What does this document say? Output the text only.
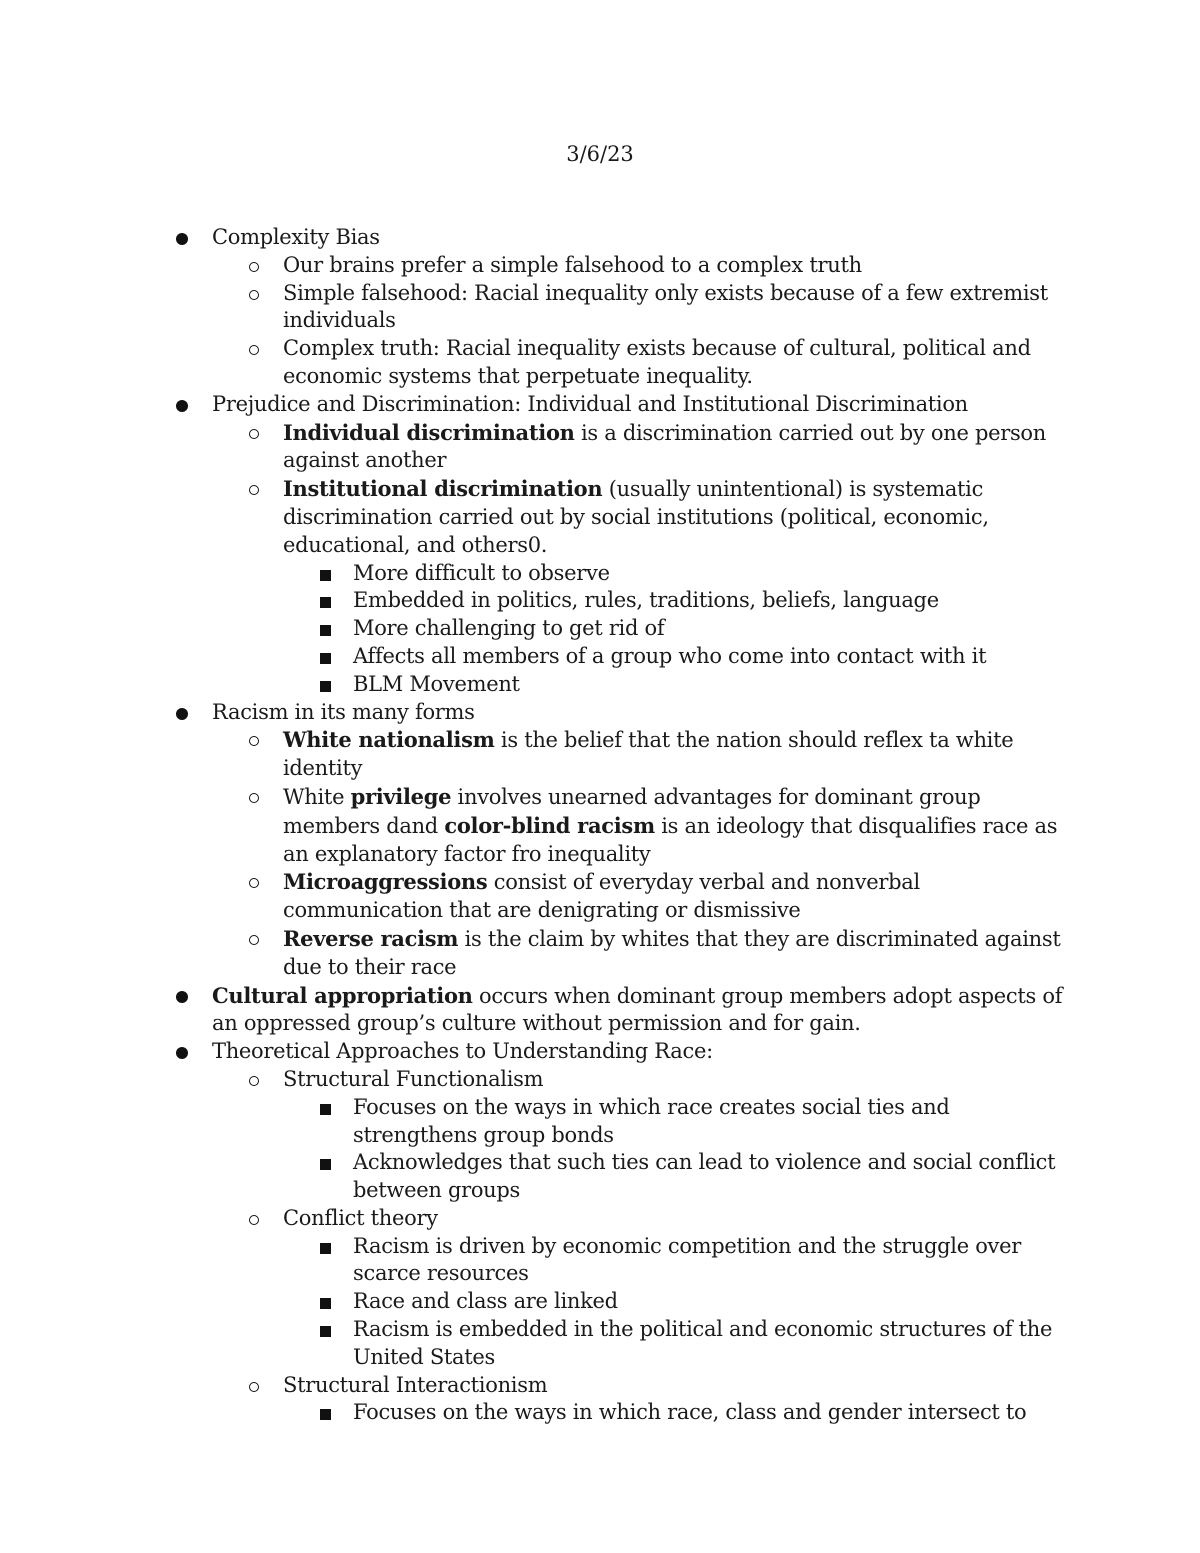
3/6/23
Complexity Bias
Our brains prefer a simple falsehood to a complex truth
Simple falsehood: Racial inequality only exists because of a few extremist individuals
Complex truth: Racial inequality exists because of cultural, political and economic systems that perpetuate inequality.
Prejudice and Discrimination: Individual and Institutional Discrimination
Individual discrimination is a discrimination carried out by one person against another
Institutional discrimination (usually unintentional) is systematic discrimination carried out by social institutions (political, economic, educational, and others0.
More difficult to observe
Embedded in politics, rules, traditions, beliefs, language
More challenging to get rid of
Affects all members of a group who come into contact with it
BLM Movement
Racism in its many forms
White nationalism is the belief that the nation should reflex ta white identity
White privilege involves unearned advantages for dominant group members dand color-blind racism is an ideology that disqualifies race as an explanatory factor fro inequality
Microaggressions consist of everyday verbal and nonverbal communication that are denigrating or dismissive
Reverse racism is the claim by whites that they are discriminated against due to their race
Cultural appropriation occurs when dominant group members adopt aspects of an oppressed group’s culture without permission and for gain.
Theoretical Approaches to Understanding Race:
Structural Functionalism
Focuses on the ways in which race creates social ties and strengthens group bonds
Acknowledges that such ties can lead to violence and social conflict between groups
Conflict theory
Racism is driven by economic competition and the struggle over scarce resources
Race and class are linked
Racism is embedded in the political and economic structures of the United States
Structural Interactionism
Focuses on the ways in which race, class and gender intersect to
